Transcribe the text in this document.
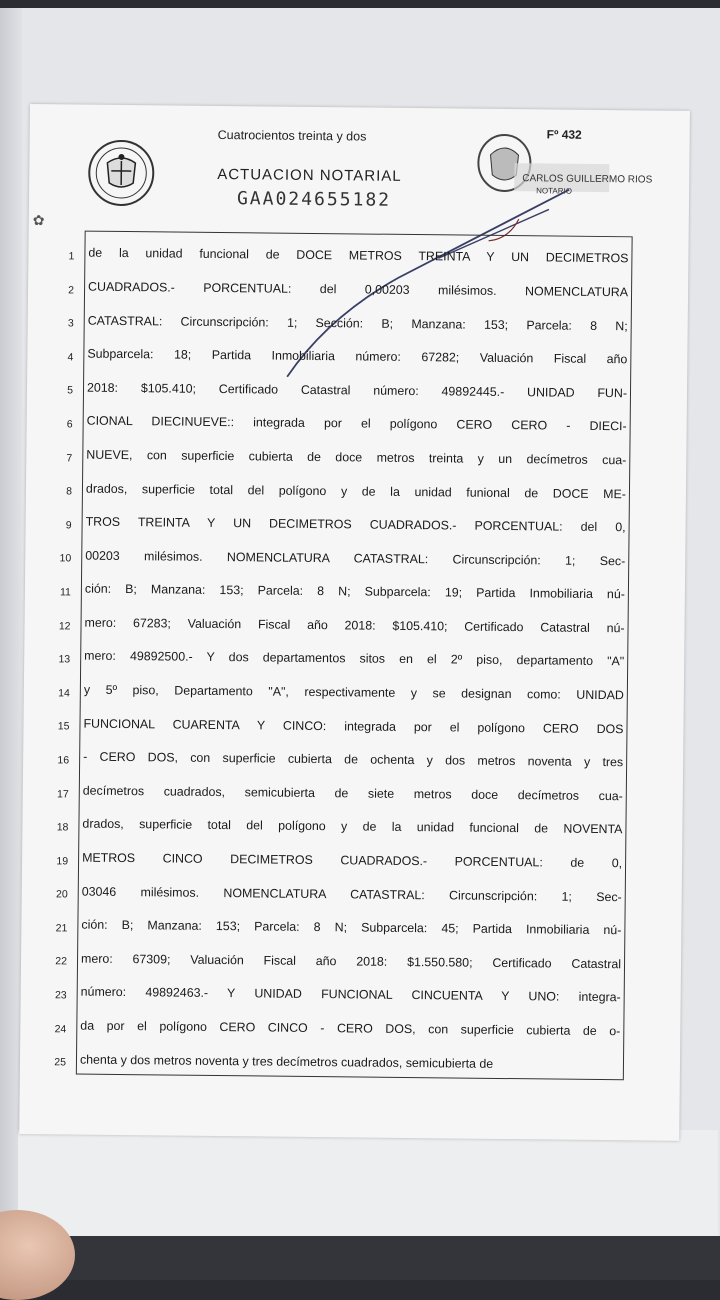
✿
Cuatrocientos treinta y dos	Fº 432
ACTUACION NOTARIAL
GAA024655182
CARLOS GUILLERMO RIOS
NOTARIO
1	de la unidad funcional de DOCE METROS TREINTA Y UN DECIMETROS
2	CUADRADOS.- PORCENTUAL: del 0,00203 milésimos. NOMENCLATURA
3	CATASTRAL: Circunscripción: 1; Sección: B; Manzana: 153; Parcela: 8 N;
4	Subparcela: 18; Partida Inmobiliaria número: 67282; Valuación Fiscal año
5	2018: $105.410; Certificado Catastral número: 49892445.- UNIDAD FUN-
6	CIONAL DIECINUEVE:: integrada por el polígono CERO CERO - DIECI-
7	NUEVE, con superficie cubierta de doce metros treinta y un decímetros cua-
8	drados, superficie total del polígono y de la unidad funional de DOCE ME-
9	TROS TREINTA Y UN DECIMETROS CUADRADOS.- PORCENTUAL: del 0,
10	00203 milésimos. NOMENCLATURA CATASTRAL: Circunscripción: 1; Sec-
11	ción: B; Manzana: 153; Parcela: 8 N; Subparcela: 19; Partida Inmobiliaria nú-
12	mero: 67283; Valuación Fiscal año 2018: $105.410; Certificado Catastral nú-
13	mero: 49892500.- Y dos departamentos sitos en el 2º piso, departamento "A"
14	y 5º piso, Departamento "A", respectivamente y se designan como: UNIDAD
15	FUNCIONAL CUARENTA Y CINCO: integrada por el polígono CERO DOS
16	- CERO DOS, con superficie cubierta de ochenta y dos metros noventa y tres
17	decímetros cuadrados, semicubierta de siete metros doce decímetros cua-
18	drados, superficie total del polígono y de la unidad funcional de NOVENTA
19	METROS CINCO DECIMETROS CUADRADOS.- PORCENTUAL: de 0,
20	03046 milésimos. NOMENCLATURA CATASTRAL: Circunscripción: 1; Sec-
21	ción: B; Manzana: 153; Parcela: 8 N; Subparcela: 45; Partida Inmobiliaria nú-
22	mero: 67309; Valuación Fiscal año 2018: $1.550.580; Certificado Catastral
23	número: 49892463.- Y UNIDAD FUNCIONAL CINCUENTA Y UNO: integra-
24	da por el polígono CERO CINCO - CERO DOS, con superficie cubierta de o-
25	chenta y dos metros noventa y tres decímetros cuadrados, semicubierta de
